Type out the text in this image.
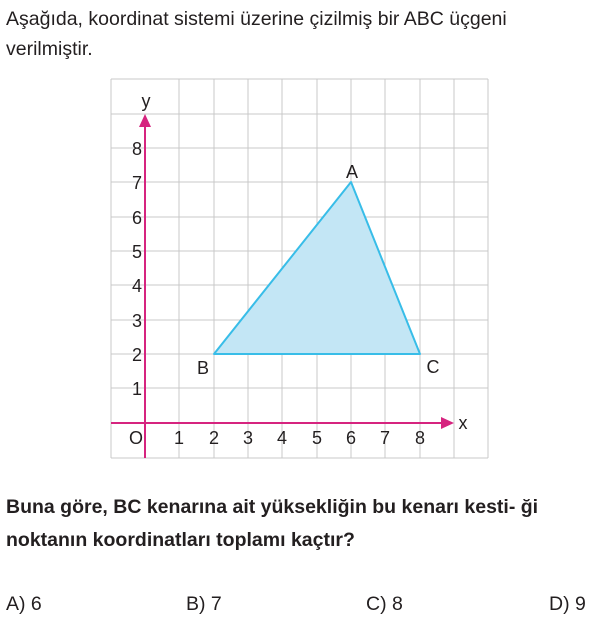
Aşağıda, koordinat sistemi üzerine çizilmiş bir ABC üçgeni verilmiştir.

x
y
O 1 2 3 4 5 6 7 8
1
2
3
4
5
6
7
8
A
B	C

Buna göre, BC kenarına ait yüksekliğin bu kenarı kesti- ği noktanın koordinatları toplamı kaçtır?

A) 6	B) 7	C) 8	D) 9
